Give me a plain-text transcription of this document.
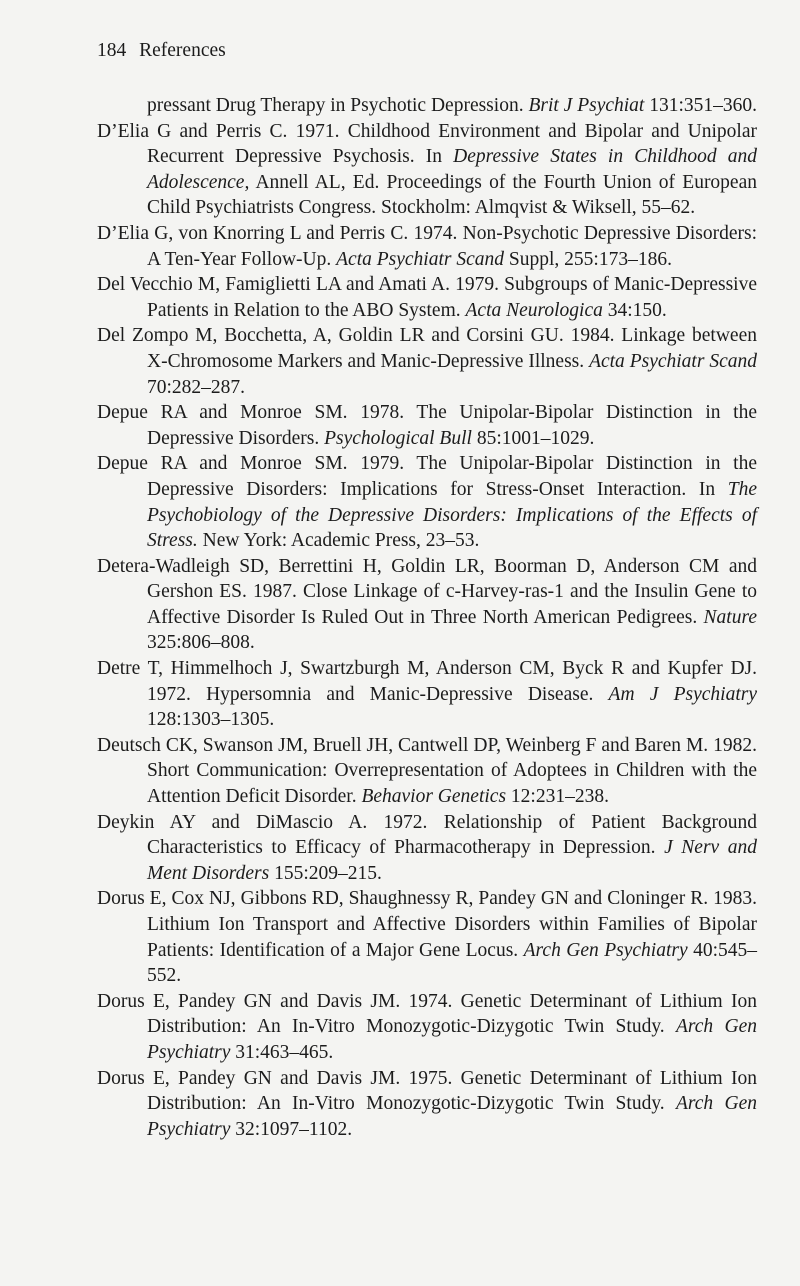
184 References
pressant Drug Therapy in Psychotic Depression. Brit J Psychiat 131:351–360.
D’Elia G and Perris C. 1971. Childhood Environment and Bipolar and Unipolar Recurrent Depressive Psychosis. In Depressive States in Childhood and Adolescence, Annell AL, Ed. Proceedings of the Fourth Union of European Child Psychiatrists Congress. Stockholm: Almqvist & Wiksell, 55–62.
D’Elia G, von Knorring L and Perris C. 1974. Non-Psychotic Depressive Disorders: A Ten-Year Follow-Up. Acta Psychiatr Scand Suppl, 255:173–186.
Del Vecchio M, Famiglietti LA and Amati A. 1979. Subgroups of Manic-Depressive Patients in Relation to the ABO System. Acta Neurologica 34:150.
Del Zompo M, Bocchetta, A, Goldin LR and Corsini GU. 1984. Linkage between X-Chromosome Markers and Manic-Depressive Illness. Acta Psychiatr Scand 70:282–287.
Depue RA and Monroe SM. 1978. The Unipolar-Bipolar Distinction in the Depressive Disorders. Psychological Bull 85:1001–1029.
Depue RA and Monroe SM. 1979. The Unipolar-Bipolar Distinction in the Depressive Disorders: Implications for Stress-Onset Interaction. In The Psychobiology of the Depressive Disorders: Implications of the Effects of Stress. New York: Academic Press, 23–53.
Detera-Wadleigh SD, Berrettini H, Goldin LR, Boorman D, Anderson CM and Gershon ES. 1987. Close Linkage of c-Harvey-ras-1 and the Insulin Gene to Affective Disorder Is Ruled Out in Three North American Pedigrees. Nature 325:806–808.
Detre T, Himmelhoch J, Swartzburgh M, Anderson CM, Byck R and Kupfer DJ. 1972. Hypersomnia and Manic-Depressive Disease. Am J Psychiatry 128:1303–1305.
Deutsch CK, Swanson JM, Bruell JH, Cantwell DP, Weinberg F and Baren M. 1982. Short Communication: Overrepresentation of Adoptees in Children with the Attention Deficit Disorder. Behavior Genetics 12:231–238.
Deykin AY and DiMascio A. 1972. Relationship of Patient Background Characteristics to Efficacy of Pharmacotherapy in Depression. J Nerv and Ment Disorders 155:209–215.
Dorus E, Cox NJ, Gibbons RD, Shaughnessy R, Pandey GN and Cloninger R. 1983. Lithium Ion Transport and Affective Disorders within Families of Bipolar Patients: Identification of a Major Gene Locus. Arch Gen Psychiatry 40:545–552.
Dorus E, Pandey GN and Davis JM. 1974. Genetic Determinant of Lithium Ion Distribution: An In-Vitro Monozygotic-Dizygotic Twin Study. Arch Gen Psychiatry 31:463–465.
Dorus E, Pandey GN and Davis JM. 1975. Genetic Determinant of Lithium Ion Distribution: An In-Vitro Monozygotic-Dizygotic Twin Study. Arch Gen Psychiatry 32:1097–1102.
